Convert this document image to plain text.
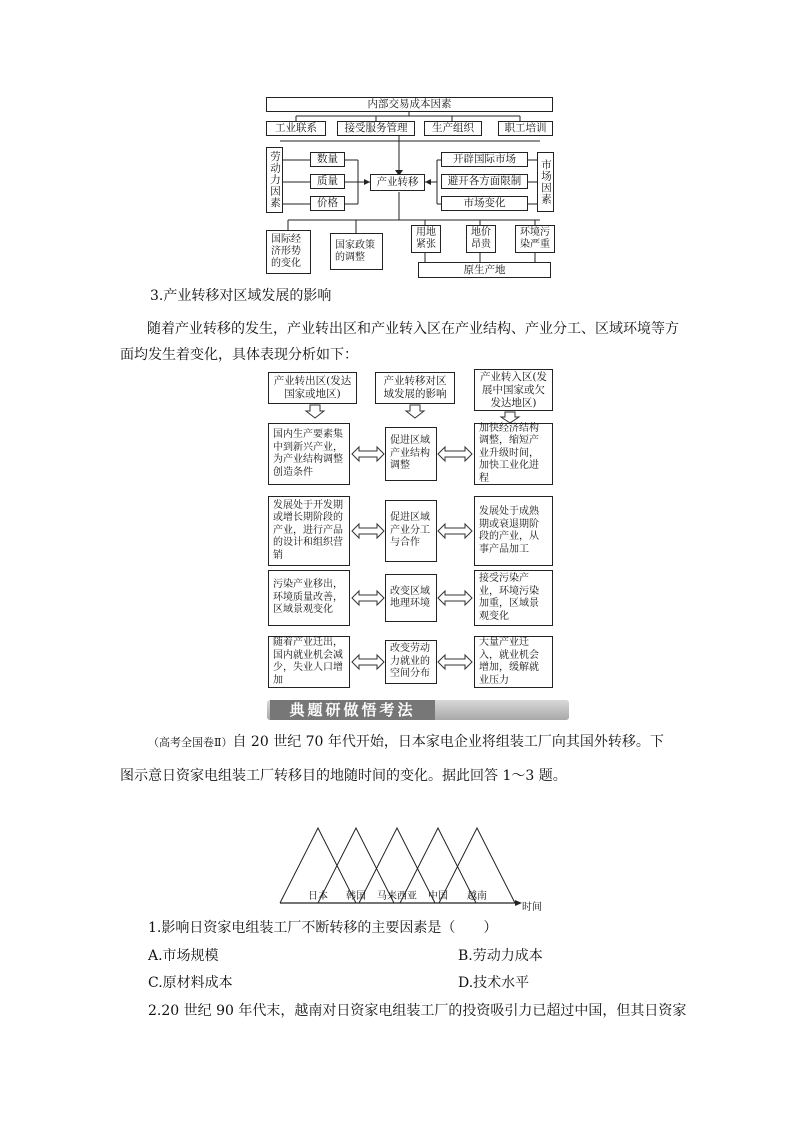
内部交易成本因素
工业联系	接受服务管理 生产组织	职工培训
劳动力因素	数量
质量
价格
产业转移
开辟国际市场
避开各方面限制
市场变化	市场因素
国际经济形势的变化
国家政策的调整
用地紧张
地价昂贵
环境污染严重
原生产地
3.产业转移对区域发展的影响
随着产业转移的发生，产业转出区和产业转入区在产业结构、产业分工、区域环境等方面均发生着变化，具体表现分析如下：
产业转出区(发达国家或地区)
产业转移对区域发展的影响
产业转入区(发展中国家或欠发达地区)
国内生产要素集中到新兴产业，为产业结构调整创造条件
促进区域产业结构调整
加快经济结构调整，缩短产业升级时间，加快工业化进程
发展处于开发期或增长期阶段的产业，进行产品的设计和组织营销
促进区域产业分工与合作
发展处于成熟期或衰退期阶段的产业，从事产品加工
污染产业移出，环境质量改善，区域景观变化
改变区域地理环境
接受污染产业，环境污染加重，区域景观变化
随着产业迁出，国内就业机会减少，失业人口增加
改变劳动力就业的空间分布
大量产业迁入，就业机会增加，缓解就业压力
典题研做悟考法
（高考全国卷Ⅱ）自 20 世纪 70 年代开始，日本家电企业将组装工厂向其国外转移。下
图示意日资家电组装工厂转移目的地随时间的变化。据此回答 1～3 题。
日本 韩国 马来西亚 中国 越南
时间
1.影响日资家电组装工厂不断转移的主要因素是（　　）
A.市场规模	B.劳动力成本
C.原材料成本	D.技术水平
2.20 世纪 90 年代末，越南对日资家电组装工厂的投资吸引力已超过中国，但其日资家
